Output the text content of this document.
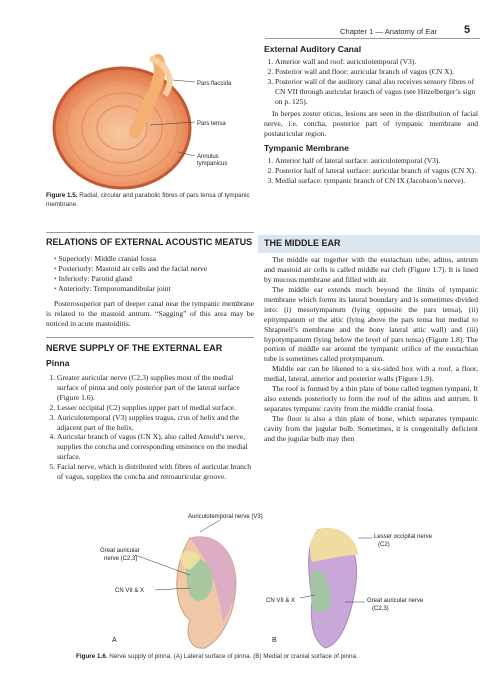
Chapter 1 — Anatomy of Ear 5
Pars flaccida
Pars tensa
Annulus
tympanicus
Figure 1.5. Radial, circular and parabolic fibres of pars tensa of tympanic membrane.
RELATIONS OF EXTERNAL ACOUSTIC MEATUS
• Superiorly: Middle cranial fossa
• Posteriorly: Mastoid air cells and the facial nerve
• Inferiorly: Parotid gland
• Anteriorly: Temporomandibular joint

Posterosuperior part of deeper canal near the tympanic membrane is related to the mastoid antrum. “Sagging” of this area may be noticed in acute mastoiditis.

NERVE SUPPLY OF THE EXTERNAL EAR
Pinna
1. Greater auricular nerve (C2,3) supplies most of the medial surface of pinna and only posterior part of the lateral surface (Figure 1.6).
2. Lesser occipital (C2) supplies upper part of medial surface.
3. Auriculotemporal (V3) supplies tragus, crus of helix and the adjacent part of the helix.
4. Auricular branch of vagus (CN X), also called Arnold’s nerve, supplies the concha and corresponding eminence on the medial surface.
5. Facial nerve, which is distributed with fibres of auricular branch of vagus, supplies the concha and retroauricular groove.
External Auditory Canal
1. Anterior wall and roof: auriculotemporal (V3).
2. Posterior wall and floor: auricular branch of vagus (CN X).
3. Posterior wall of the auditory canal also receives sensory fibres of CN VII through auricular branch of vagus (see Hitzelberger’s sign on p. 125).

In herpes zoster oticus, lesions are seen in the distribution of facial nerve, i.e. concha, posterior part of tympanic membrane and postauricular region.

Tympanic Membrane
1. Anterior half of lateral surface: auriculotemporal (V3).
2. Posterior half of lateral surface: auricular branch of vagus (CN X).
3. Medial surface: tympanic branch of CN IX (Jacobson’s nerve).
THE MIDDLE EAR

The middle ear together with the eustachian tube, aditus, antrum and mastoid air cells is called middle ear cleft (Figure 1.7). It is lined by mucous membrane and filled with air.

The middle ear extends much beyond the limits of tympanic membrane which forms its lateral boundary and is sometimes divided into: (i) mesotympanum (lying opposite the pars tensa), (ii) epitympanum or the attic (lying above the pars tensa but medial to Shrapnell’s membrane and the bony lateral attic wall) and (iii) hypotympanum (lying below the level of pars tensa) (Figure 1.8). The portion of middle ear around the tympanic orifice of the eustachian tube is sometimes called protympanum.

Middle ear can be likened to a six-sided box with a roof, a floor, medial, lateral, anterior and posterior walls (Figure 1.9).

The roof is formed by a thin plate of bone called tegmen tympani. It also extends posteriorly to form the roof of the aditus and antrum. It separates tympanic cavity from the middle cranial fossa.

The floor is also a thin plate of bone, which separates tympanic cavity from the jugular bulb. Sometimes, it is congenitally deficient and the jugular bulb may then

Auriculotemporal nerve (V3)
Great auricular
nerve (C2,3)
CN VII & X
Lesser occipital nerve
(C2)
CN VII & X	Great auricular nerve
(C2,3)
A	B
Figure 1.6. Nerve supply of pinna. (A) Lateral surface of pinna. (B) Medial or cranial surface of pinna.
